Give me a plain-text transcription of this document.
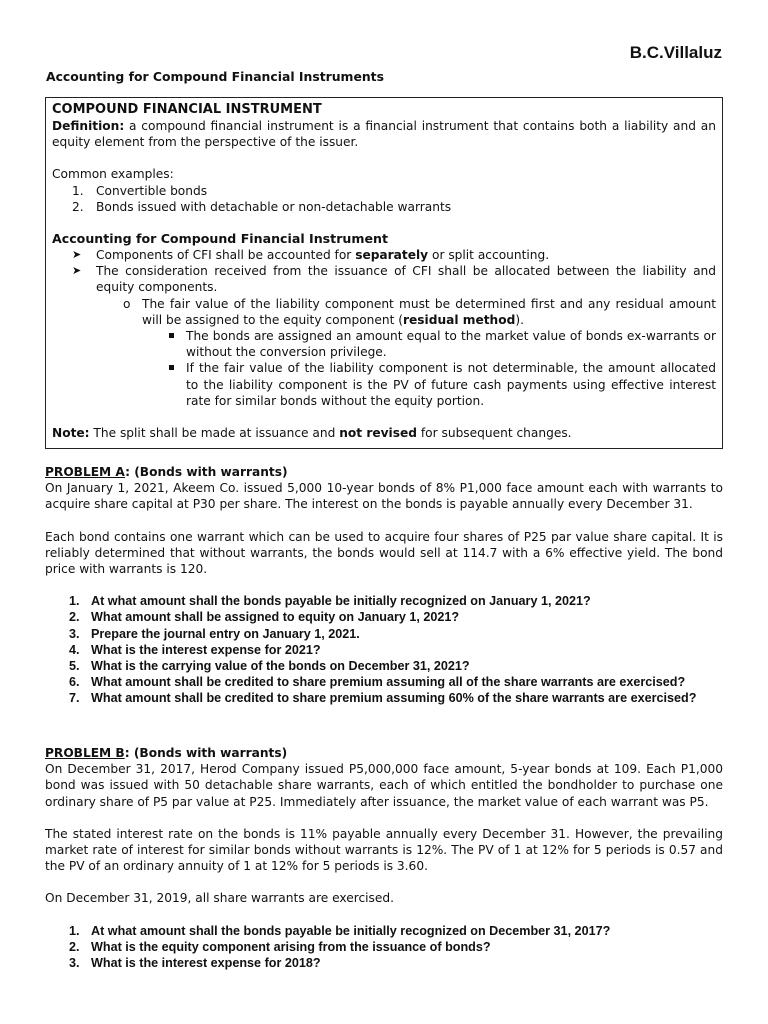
B.C.Villaluz
Accounting for Compound Financial Instruments
COMPOUND FINANCIAL INSTRUMENT

Definition: a compound financial instrument is a financial instrument that contains both a liability and an equity element from the perspective of the issuer.

Common examples:

1. Convertible bonds
2. Bonds issued with detachable or non-detachable warrants
Accounting for Compound Financial Instrument
➤ Components of CFI shall be accounted for separately or split accounting.
➤ The consideration received from the issuance of CFI shall be allocated between the liability and equity components.
o The fair value of the liability component must be determined first and any residual amount will be assigned to the equity component (residual method).
The bonds are assigned an amount equal to the market value of bonds ex-warrants or without the conversion privilege.
If the fair value of the liability component is not determinable, the amount allocated to the liability component is the PV of future cash payments using effective interest rate for similar bonds without the equity portion.

Note: The split shall be made at issuance and not revised for subsequent changes.

PROBLEM A: (Bonds with warrants)

On January 1, 2021, Akeem Co. issued 5,000 10-year bonds of 8% P1,000 face amount each with warrants to acquire share capital at P30 per share. The interest on the bonds is payable annually every December 31.

Each bond contains one warrant which can be used to acquire four shares of P25 par value share capital. It is reliably determined that without warrants, the bonds would sell at 114.7 with a 6% effective yield. The bond price with warrants is 120.

1. At what amount shall the bonds payable be initially recognized on January 1, 2021?
2. What amount shall be assigned to equity on January 1, 2021?
3. Prepare the journal entry on January 1, 2021.
4. What is the interest expense for 2021?
5. What is the carrying value of the bonds on December 31, 2021?
6. What amount shall be credited to share premium assuming all of the share warrants are exercised?
7. What amount shall be credited to share premium assuming 60% of the share warrants are exercised?
PROBLEM B: (Bonds with warrants)

On December 31, 2017, Herod Company issued P5,000,000 face amount, 5-year bonds at 109. Each P1,000 bond was issued with 50 detachable share warrants, each of which entitled the bondholder to purchase one ordinary share of P5 par value at P25. Immediately after issuance, the market value of each warrant was P5.

The stated interest rate on the bonds is 11% payable annually every December 31. However, the prevailing market rate of interest for similar bonds without warrants is 12%. The PV of 1 at 12% for 5 periods is 0.57 and the PV of an ordinary annuity of 1 at 12% for 5 periods is 3.60.

On December 31, 2019, all share warrants are exercised.

1. At what amount shall the bonds payable be initially recognized on December 31, 2017?
2. What is the equity component arising from the issuance of bonds?
3. What is the interest expense for 2018?
